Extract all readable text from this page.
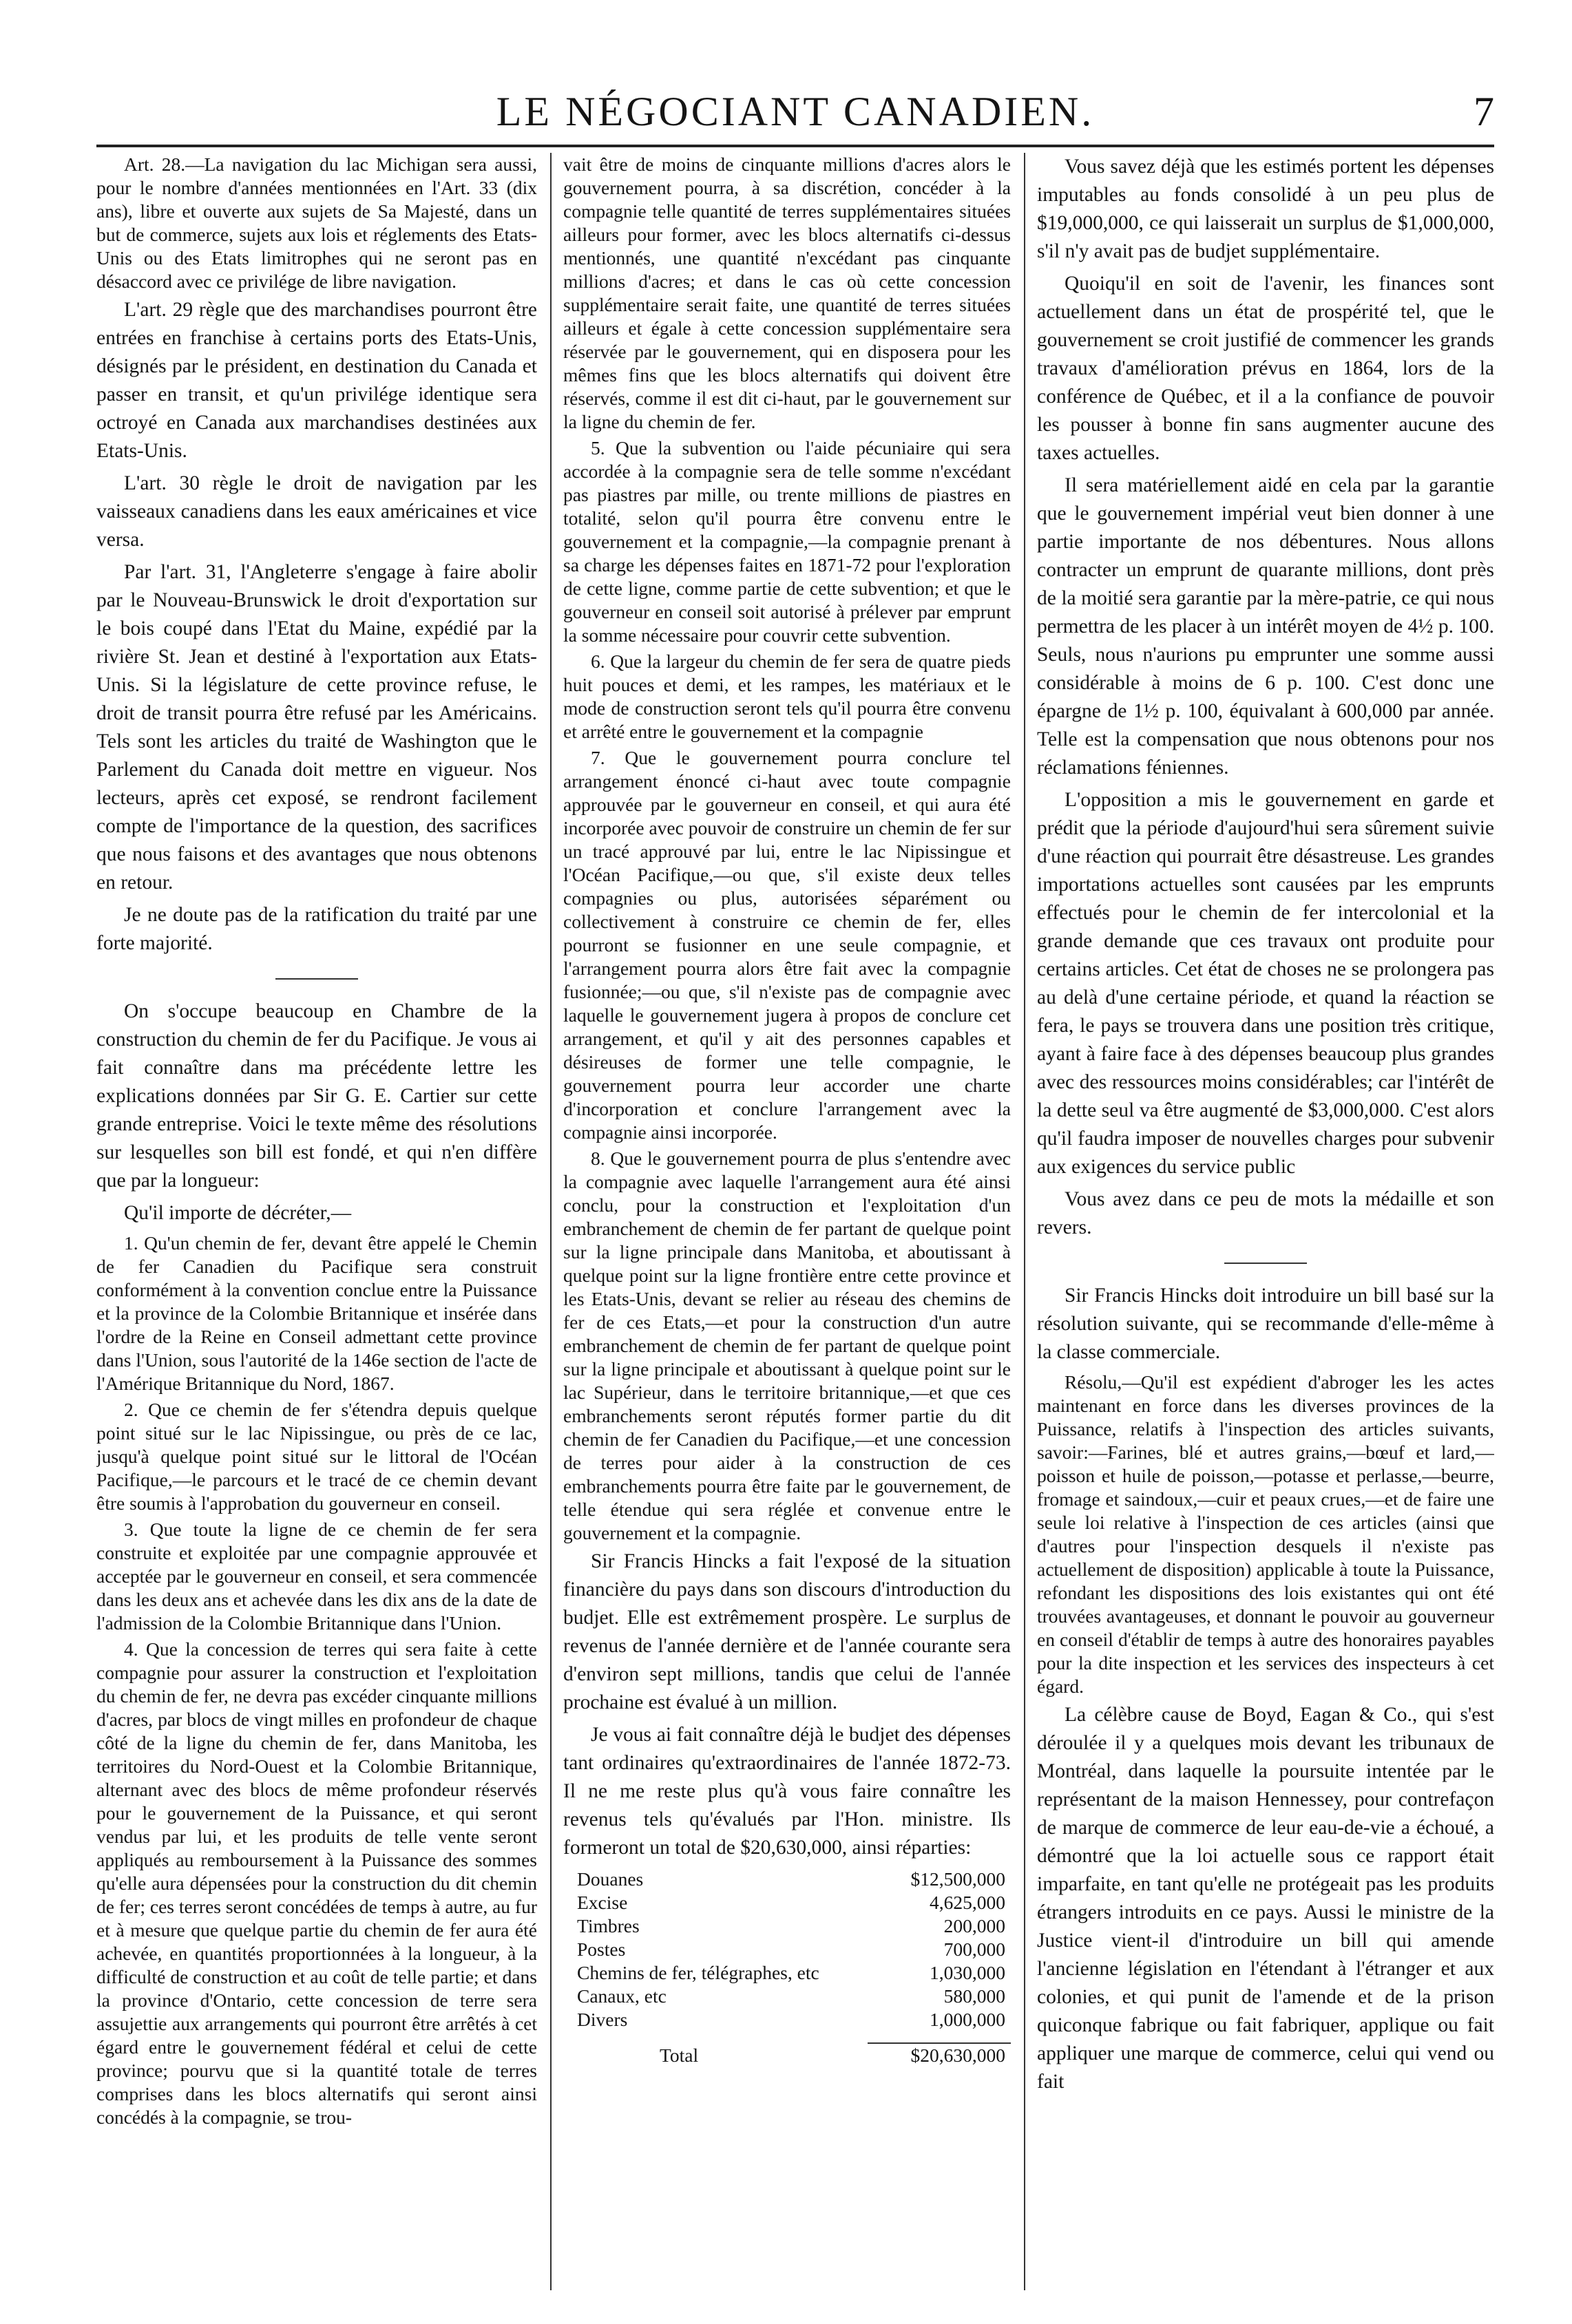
LE NÉGOCIANT CANADIEN.	7

Art. 28.—La navigation du lac Michigan sera aussi, pour le nombre d'années mentionnées en l'Art. 33 (dix ans), libre et ouverte aux sujets de Sa Majesté, dans un but de commerce, sujets aux lois et réglements des Etats-Unis ou des Etats limitrophes qui ne seront pas en désaccord avec ce privilége de libre navigation.

L'art. 29 règle que des marchandises pourront être entrées en franchise à certains ports des Etats-Unis, désignés par le président, en destination du Canada et passer en transit, et qu'un privilége identique sera octroyé en Canada aux marchandises destinées aux Etats-Unis.

L'art. 30 règle le droit de navigation par les vaisseaux canadiens dans les eaux américaines et vice versa.

Par l'art. 31, l'Angleterre s'engage à faire abolir par le Nouveau-Brunswick le droit d'exportation sur le bois coupé dans l'Etat du Maine, expédié par la rivière St. Jean et destiné à l'exportation aux Etats-Unis. Si la législature de cette province refuse, le droit de transit pourra être refusé par les Américains. Tels sont les articles du traité de Washington que le Parlement du Canada doit mettre en vigueur. Nos lecteurs, après cet exposé, se rendront facilement compte de l'importance de la question, des sacrifices que nous faisons et des avantages que nous obtenons en retour.

Je ne doute pas de la ratification du traité par une forte majorité.

On s'occupe beaucoup en Chambre de la construction du chemin de fer du Pacifique. Je vous ai fait connaître dans ma précédente lettre les explications données par Sir G. E. Cartier sur cette grande entreprise. Voici le texte même des résolutions sur lesquelles son bill est fondé, et qui n'en diffère que par la longueur:

Qu'il importe de décréter,—

1. Qu'un chemin de fer, devant être appelé le Chemin de fer Canadien du Pacifique sera construit conformément à la convention conclue entre la Puissance et la province de la Colombie Britannique et insérée dans l'ordre de la Reine en Conseil admettant cette province dans l'Union, sous l'autorité de la 146e section de l'acte de l'Amérique Britannique du Nord, 1867.

2. Que ce chemin de fer s'étendra depuis quelque point situé sur le lac Nipissingue, ou près de ce lac, jusqu'à quelque point situé sur le littoral de l'Océan Pacifique,—le parcours et le tracé de ce chemin devant être soumis à l'approbation du gouverneur en conseil.

3. Que toute la ligne de ce chemin de fer sera construite et exploitée par une compagnie approuvée et acceptée par le gouverneur en conseil, et sera commencée dans les deux ans et achevée dans les dix ans de la date de l'admission de la Colombie Britannique dans l'Union.

4. Que la concession de terres qui sera faite à cette compagnie pour assurer la construction et l'exploitation du chemin de fer, ne devra pas excéder cinquante millions d'acres, par blocs de vingt milles en profondeur de chaque côté de la ligne du chemin de fer, dans Manitoba, les territoires du Nord-Ouest et la Colombie Britannique, alternant avec des blocs de même profondeur réservés pour le gouvernement de la Puissance, et qui seront vendus par lui, et les produits de telle vente seront appliqués au remboursement à la Puissance des sommes qu'elle aura dépensées pour la construction du dit chemin de fer; ces terres seront concédées de temps à autre, au fur et à mesure que quelque partie du chemin de fer aura été achevée, en quantités proportionnées à la longueur, à la difficulté de construction et au coût de telle partie; et dans la province d'Ontario, cette concession de terre sera assujettie aux arrangements qui pourront être arrêtés à cet égard entre le gouvernement fédéral et celui de cette province; pourvu que si la quantité totale de terres comprises dans les blocs alternatifs qui seront ainsi concédés à la compagnie, se trou-

vait être de moins de cinquante millions d'acres alors le gouvernement pourra, à sa discrétion, concéder à la compagnie telle quantité de terres supplémentaires situées ailleurs pour former, avec les blocs alternatifs ci-dessus mentionnés, une quantité n'excédant pas cinquante millions d'acres; et dans le cas où cette concession supplémentaire serait faite, une quantité de terres situées ailleurs et égale à cette concession supplémentaire sera réservée par le gouvernement, qui en disposera pour les mêmes fins que les blocs alternatifs qui doivent être réservés, comme il est dit ci-haut, par le gouvernement sur la ligne du chemin de fer.

5. Que la subvention ou l'aide pécuniaire qui sera accordée à la compagnie sera de telle somme n'excédant pas piastres par mille, ou trente millions de piastres en totalité, selon qu'il pourra être convenu entre le gouvernement et la compagnie,—la compagnie prenant à sa charge les dépenses faites en 1871-72 pour l'exploration de cette ligne, comme partie de cette subvention; et que le gouverneur en conseil soit autorisé à prélever par emprunt la somme nécessaire pour couvrir cette subvention.

6. Que la largeur du chemin de fer sera de quatre pieds huit pouces et demi, et les rampes, les matériaux et le mode de construction seront tels qu'il pourra être convenu et arrêté entre le gouvernement et la compagnie

7. Que le gouvernement pourra conclure tel arrangement énoncé ci-haut avec toute compagnie approuvée par le gouverneur en conseil, et qui aura été incorporée avec pouvoir de construire un chemin de fer sur un tracé approuvé par lui, entre le lac Nipissingue et l'Océan Pacifique,—ou que, s'il existe deux telles compagnies ou plus, autorisées séparément ou collectivement à construire ce chemin de fer, elles pourront se fusionner en une seule compagnie, et l'arrangement pourra alors être fait avec la compagnie fusionnée;—ou que, s'il n'existe pas de compagnie avec laquelle le gouvernement jugera à propos de conclure cet arrangement, et qu'il y ait des personnes capables et désireuses de former une telle compagnie, le gouvernement pourra leur accorder une charte d'incorporation et conclure l'arrangement avec la compagnie ainsi incorporée.

8. Que le gouvernement pourra de plus s'entendre avec la compagnie avec laquelle l'arrangement aura été ainsi conclu, pour la construction et l'exploitation d'un embranchement de chemin de fer partant de quelque point sur la ligne principale dans Manitoba, et aboutissant à quelque point sur la ligne frontière entre cette province et les Etats-Unis, devant se relier au réseau des chemins de fer de ces Etats,—et pour la construction d'un autre embranchement de chemin de fer partant de quelque point sur la ligne principale et aboutissant à quelque point sur le lac Supérieur, dans le territoire britannique,—et que ces embranchements seront réputés former partie du dit chemin de fer Canadien du Pacifique,—et une concession de terres pour aider à la construction de ces embranchements pourra être faite par le gouvernement, de telle étendue qui sera réglée et convenue entre le gouvernement et la compagnie.

Sir Francis Hincks a fait l'exposé de la situation financière du pays dans son discours d'introduction du budjet. Elle est extrêmement prospère. Le surplus de revenus de l'année dernière et de l'année courante sera d'environ sept millions, tandis que celui de l'année prochaine est évalué à un million.

Je vous ai fait connaître déjà le budjet des dépenses tant ordinaires qu'extraordinaires de l'année 1872-73. Il ne me reste plus qu'à vous faire connaître les revenus tels qu'évalués par l'Hon. ministre. Ils formeront un total de $20,630,000, ainsi réparties:

Douanes	$12,500,000
Excise	4,625,000
Timbres	200,000
Postes	700,000
Chemins de fer, télégraphes, etc	1,030,000
Canaux, etc	580,000
Divers	1,000,000
Total	$20,630,000

Vous savez déjà que les estimés portent les dépenses imputables au fonds consolidé à un peu plus de $19,000,000, ce qui laisserait un surplus de $1,000,000, s'il n'y avait pas de budjet supplémentaire.

Quoiqu'il en soit de l'avenir, les finances sont actuellement dans un état de prospérité tel, que le gouvernement se croit justifié de commencer les grands travaux d'amélioration prévus en 1864, lors de la conférence de Québec, et il a la confiance de pouvoir les pousser à bonne fin sans augmenter aucune des taxes actuelles.

Il sera matériellement aidé en cela par la garantie que le gouvernement impérial veut bien donner à une partie importante de nos débentures. Nous allons contracter un emprunt de quarante millions, dont près de la moitié sera garantie par la mère-patrie, ce qui nous permettra de les placer à un intérêt moyen de 4½ p. 100. Seuls, nous n'aurions pu emprunter une somme aussi considérable à moins de 6 p. 100. C'est donc une épargne de 1½ p. 100, équivalant à 600,000 par année. Telle est la compensation que nous obtenons pour nos réclamations féniennes.

L'opposition a mis le gouvernement en garde et prédit que la période d'aujourd'hui sera sûrement suivie d'une réaction qui pourrait être désastreuse. Les grandes importations actuelles sont causées par les emprunts effectués pour le chemin de fer intercolonial et la grande demande que ces travaux ont produite pour certains articles. Cet état de choses ne se prolongera pas au delà d'une certaine période, et quand la réaction se fera, le pays se trouvera dans une position très critique, ayant à faire face à des dépenses beaucoup plus grandes avec des ressources moins considérables; car l'intérêt de la dette seul va être augmenté de $3,000,000. C'est alors qu'il faudra imposer de nouvelles charges pour subvenir aux exigences du service public

Vous avez dans ce peu de mots la médaille et son revers.

Sir Francis Hincks doit introduire un bill basé sur la résolution suivante, qui se recommande d'elle-même à la classe commerciale.

Résolu,—Qu'il est expédient d'abroger les les actes maintenant en force dans les diverses provinces de la Puissance, relatifs à l'inspection des articles suivants, savoir:—Farines, blé et autres grains,—bœuf et lard,—poisson et huile de poisson,—potasse et perlasse,—beurre, fromage et saindoux,—cuir et peaux crues,—et de faire une seule loi relative à l'inspection de ces articles (ainsi que d'autres pour l'inspection desquels il n'existe pas actuellement de disposition) applicable à toute la Puissance, refondant les dispositions des lois existantes qui ont été trouvées avantageuses, et donnant le pouvoir au gouverneur en conseil d'établir de temps à autre des honoraires payables pour la dite inspection et les services des inspecteurs à cet égard.

La célèbre cause de Boyd, Eagan & Co., qui s'est déroulée il y a quelques mois devant les tribunaux de Montréal, dans laquelle la poursuite intentée par le représentant de la maison Hennessey, pour contrefaçon de marque de commerce de leur eau-de-vie a échoué, a démontré que la loi actuelle sous ce rapport était imparfaite, en tant qu'elle ne protégeait pas les produits étrangers introduits en ce pays. Aussi le ministre de la Justice vient-il d'introduire un bill qui amende l'ancienne législation en l'étendant à l'étranger et aux colonies, et qui punit de l'amende et de la prison quiconque fabrique ou fait fabriquer, applique ou fait appliquer une marque de commerce, celui qui vend ou fait
